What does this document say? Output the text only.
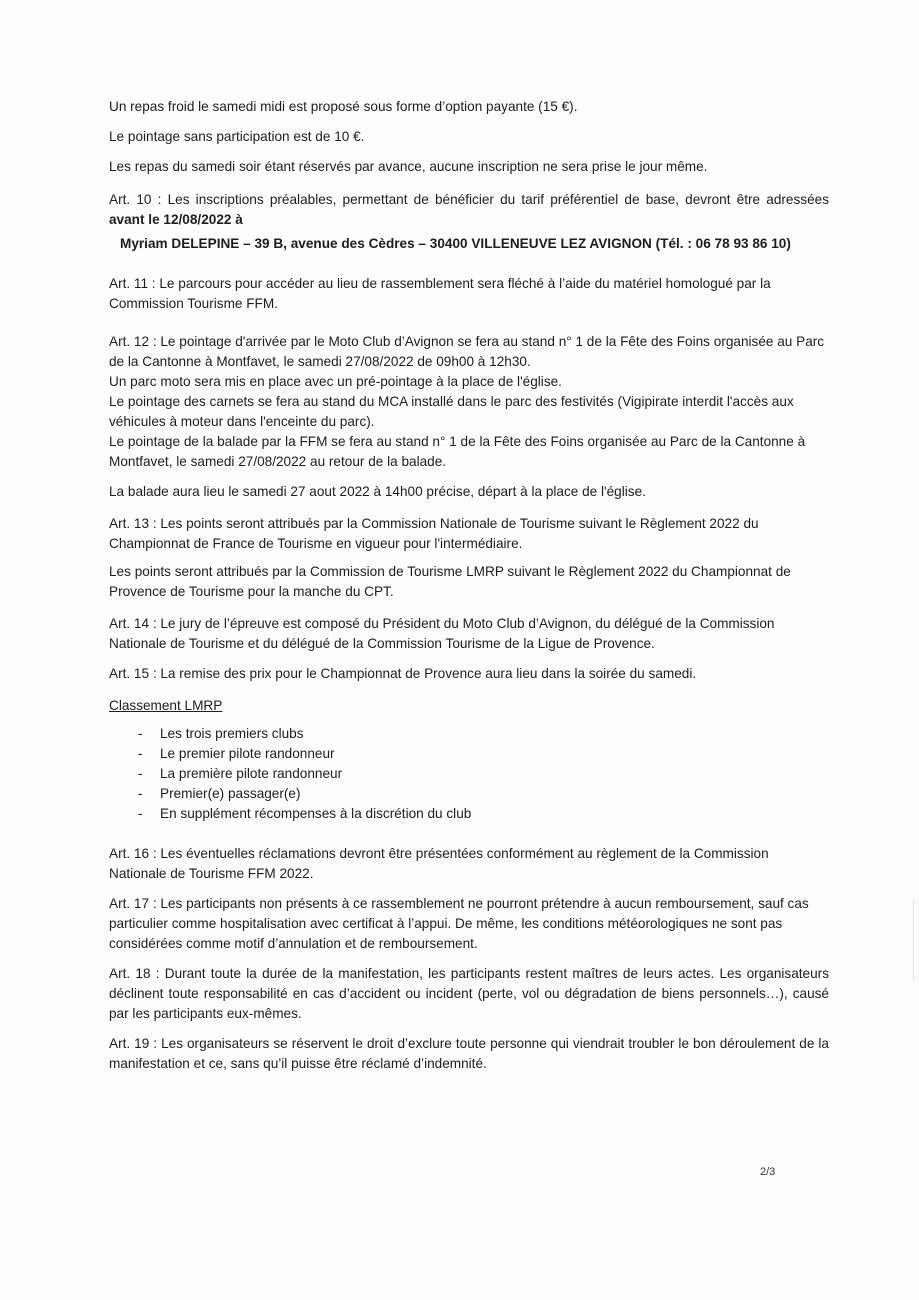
Un repas froid le samedi midi est proposé sous forme d’option payante (15 €).

Le pointage sans participation est de 10 €.

Les repas du samedi soir étant réservés par avance, aucune inscription ne sera prise le jour même.

Art. 10 : Les inscriptions préalables, permettant de bénéficier du tarif préférentiel de base, devront être adressées avant le 12/08/2022 à

Myriam DELEPINE – 39 B, avenue des Cèdres – 30400 VILLENEUVE LEZ AVIGNON (Tél. : 06 78 93 86 10)

Art. 11 : Le parcours pour accéder au lieu de rassemblement sera fléché à l’aide du matériel homologué par la Commission Tourisme FFM.

Art. 12 : Le pointage d'arrivée par le Moto Club d’Avignon se fera au stand n° 1 de la Fête des Foins organisée au Parc de la Cantonne à Montfavet, le samedi 27/08/2022 de 09h00 à 12h30.

Un parc moto sera mis en place avec un pré-pointage à la place de l'église.

Le pointage des carnets se fera au stand du MCA installé dans le parc des festivités (Vigipirate interdit l'accès aux véhicules à moteur dans l'enceinte du parc).

Le pointage de la balade par la FFM se fera au stand n° 1 de la Fête des Foins organisée au Parc de la Cantonne à Montfavet, le samedi 27/08/2022 au retour de la balade.

La balade aura lieu le samedi 27 aout 2022 à 14h00 précise, départ à la place de l'église.

Art. 13 : Les points seront attribués par la Commission Nationale de Tourisme suivant le Règlement 2022 du Championnat de France de Tourisme en vigueur pour l'intermédiaire.

Les points seront attribués par la Commission de Tourisme LMRP suivant le Règlement 2022 du Championnat de Provence de Tourisme pour la manche du CPT.

Art. 14 : Le jury de l’épreuve est composé du Président du Moto Club d’Avignon, du délégué de la Commission Nationale de Tourisme et du délégué de la Commission Tourisme de la Ligue de Provence.

Art. 15 : La remise des prix pour le Championnat de Provence aura lieu dans la soirée du samedi.

Classement LMRP

- Les trois premiers clubs
- Le premier pilote randonneur
- La première pilote randonneur
- Premier(e) passager(e)
- En supplément récompenses à la discrétion du club

Art. 16 : Les éventuelles réclamations devront être présentées conformément au règlement de la Commission Nationale de Tourisme FFM 2022.

Art. 17 : Les participants non présents à ce rassemblement ne pourront prétendre à aucun remboursement, sauf cas particulier comme hospitalisation avec certificat à l’appui. De même, les conditions météorologiques ne sont pas considérées comme motif d’annulation et de remboursement.

Art. 18 : Durant toute la durée de la manifestation, les participants restent maîtres de leurs actes. Les organisateurs déclinent toute responsabilité en cas d’accident ou incident (perte, vol ou dégradation de biens personnels…), causé par les participants eux-mêmes.

Art. 19 : Les organisateurs se réservent le droit d’exclure toute personne qui viendrait troubler le bon déroulement de la manifestation et ce, sans qu’il puisse être réclamé d’indemnité.

2/3
